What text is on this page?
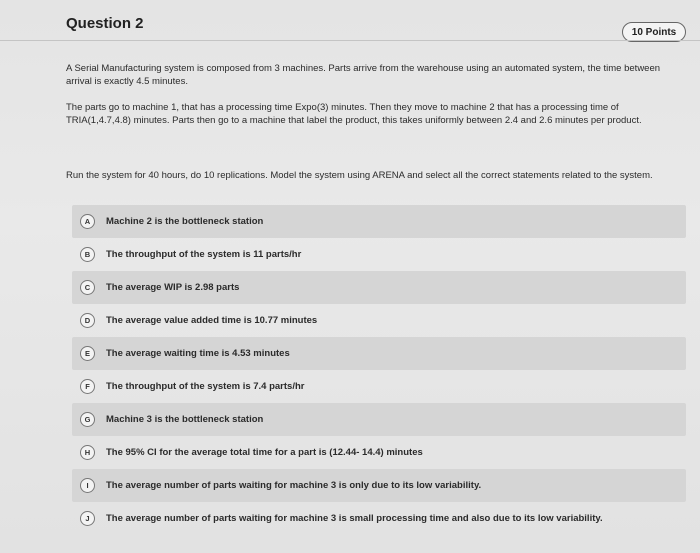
Question 2	10 Points
A Serial Manufacturing system is composed from 3 machines. Parts arrive from the warehouse using an automated system, the time between arrival is exactly 4.5 minutes.
The parts go to machine 1, that has a processing time Expo(3) minutes. Then they move to machine 2 that has a processing time of TRIA(1,4.7,4.8) minutes. Parts then go to a machine that label the product, this takes uniformly between 2.4 and 2.6 minutes per product.
Run the system for 40 hours, do 10 replications. Model the system using ARENA and select all the correct statements related to the system.
A	Machine 2 is the bottleneck station
B	The throughput of the system is 11 parts/hr
C	The average WIP is 2.98 parts
D	The average value added time is 10.77 minutes
E	The average waiting time is 4.53 minutes
F	The throughput of the system is 7.4 parts/hr
G	Machine 3 is the bottleneck station
H	The 95% CI for the average total time for a part is (12.44- 14.4) minutes
I	The average number of parts waiting for machine 3 is only due to its low variability.
J	The average number of parts waiting for machine 3 is small processing time and also due to its low variability.
